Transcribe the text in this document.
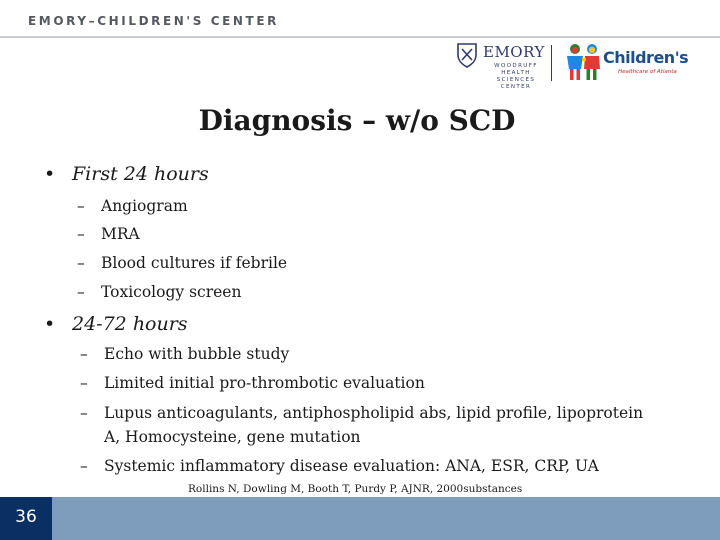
EMORY–CHILDREN'S CENTER
EMORY
WOODRUFF
HEALTH
SCIENCES
CENTER
Children's
Healthcare of Atlanta
Diagnosis – w/o SCD
• First 24 hours
– Angiogram
– MRA
– Blood cultures if febrile
– Toxicology screen
• 24-72 hours
– Echo with bubble study
– Limited initial pro-thrombotic evaluation
– Lupus anticoagulants, antiphospholipid abs, lipid profile, lipoprotein
A, Homocysteine, gene mutation
– Systemic inflammatory disease evaluation: ANA, ESR, CRP, UA
Rollins N, Dowling M, Booth T, Purdy P, AJNR, 2000substances
36
